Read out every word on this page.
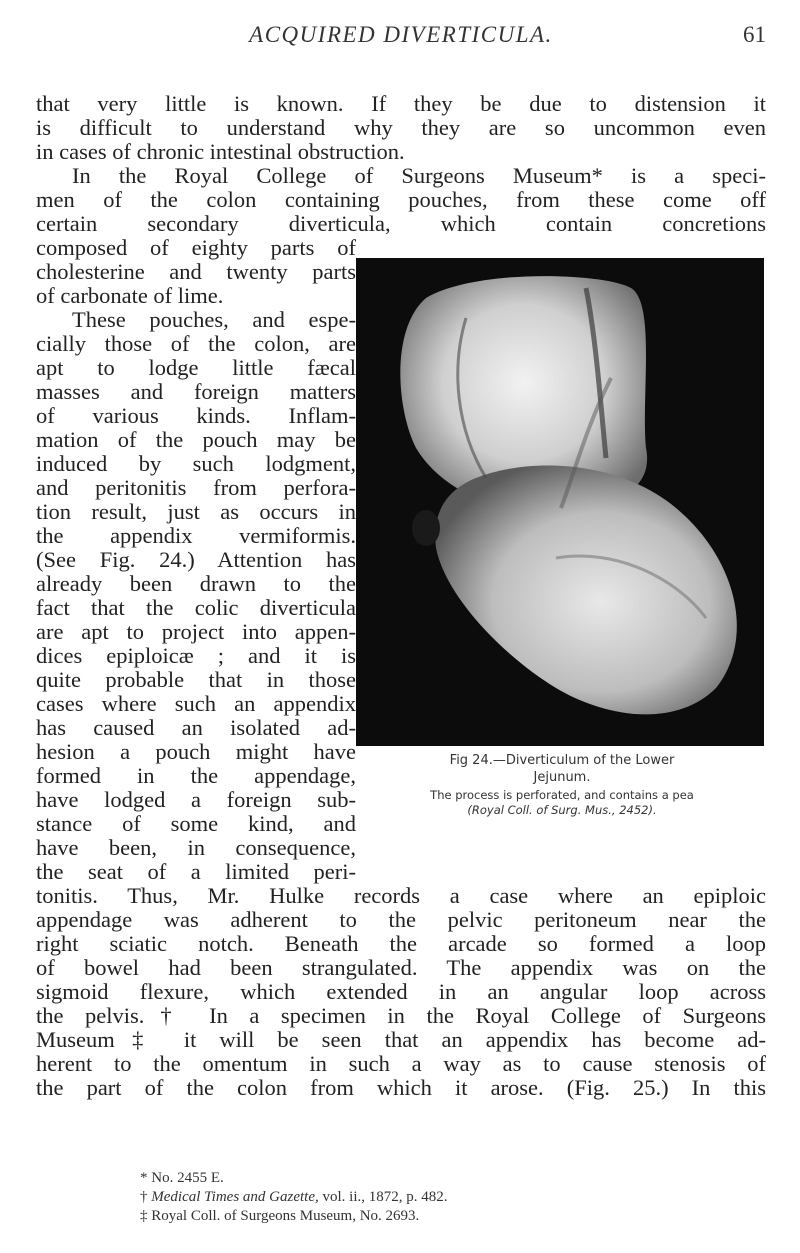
ACQUIRED DIVERTICULA.	61
that very little is known. If they be due to distension it
is difficult to understand why they are so uncommon even
in cases of chronic intestinal obstruction.
In the Royal College of Surgeons Museum* is a speci-
men of the colon containing pouches, from these come off
certain secondary diverticula, which contain concretions
composed of eighty parts of
cholesterine and twenty parts
of carbonate of lime.
These pouches, and espe-
cially those of the colon, are
apt to lodge little fæcal
masses and foreign matters
of various kinds. Inflam-
mation of the pouch may be
induced by such lodgment,
and peritonitis from perfora-
tion result, just as occurs in
the appendix vermiformis.
(See Fig. 24.) Attention has
already been drawn to the
fact that the colic diverticula
are apt to project into appen-
dices epiploicæ ; and it is
quite probable that in those
cases where such an appendix
has caused an isolated ad-
hesion a pouch might have
formed in the appendage,
have lodged a foreign sub-
stance of some kind, and
have been, in consequence,
the seat of a limited peri-
tonitis. Thus, Mr. Hulke records a case where an epiploic
appendage was adherent to the pelvic peritoneum near the
right sciatic notch. Beneath the arcade so formed a loop
of bowel had been strangulated. The appendix was on the
sigmoid flexure, which extended in an angular loop across
the pelvis.† In a specimen in the Royal College of Surgeons
Museum‡ it will be seen that an appendix has become ad-
herent to the omentum in such a way as to cause stenosis of
the part of the colon from which it arose. (Fig. 25.) In this
Fig 24.—Diverticulum of the Lower
Jejunum.
The process is perforated, and contains a pea
(Royal Coll. of Surg. Mus., 2452).
* No. 2455 E.
† Medical Times and Gazette, vol. ii., 1872, p. 482.
‡ Royal Coll. of Surgeons Museum, No. 2693.
